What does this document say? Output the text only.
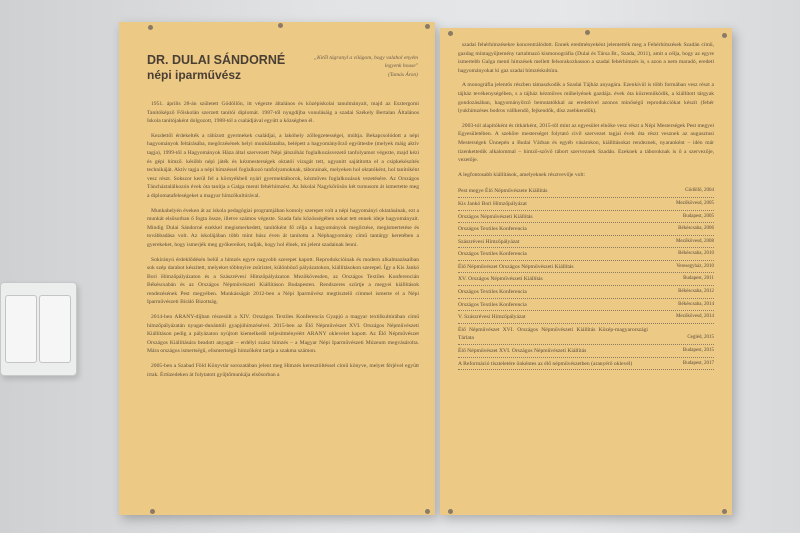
DR. DULAI SÁNDORNÉ
népi iparművész
„Kitől tágranyl a világom, hogy valahol enyém legyenk house"
(Tamás Áron)

1951. április 28-án született Gödöllőn, itt végezte általános és középiskolai tanulmányait, majd az Esztergomi Tanítóképző Főiskolán szerzett tanítói diplomát. 1987-től nyugdíjba vonulásáig a szadai Székely Bertalan Általános Iskola tanítójaként dolgozott, 1988-tól a családjával együtt a községben él.

Kezdettől érdekelték a rábízott gyermekek családjai, a lakóhely zöllegzetességei, múltja. Bekapcsolódott a népi hagyományok feltárásába, megőrzésének helyi munkálataiba, belépett a hagyományőrző együttesbe (melyek máig aktív tagja), 1999-től a Hagyományok Háza által szervezett Népi játszóház foglalkozásvezető tanfolyamot végezte, majd kézi és gépi hímző. később népi játék és kézmesterségek oktatói vizsgát tett, ugyanitt sajátította el a csipkekészítés technikáját. Aktív tagja a népi hímzéssel foglalkozó tanfolyamoknak, táborainak, melyeken hol oktatóként, hol tanítóként vesz részt. Sokszor kerül fel a környékbeli nyári gyermektáborok, kézműves foglalkozások vezetésére. Az Országos Táncháztalálkozón évek óta tanítja a Galga menti fehérhímzést. Az Iskolai Nagykőrösön két turnusom át ismertette meg a diplomatafeleségeket a magyar hímzőkultúrával.

Munkahelyén éveken át az iskola pedagógiai programjában komoly szerepet volt a népi hagyományi oktatásának, ezt a munkát elsősorban ő fogta össze, illetve számos végezte. Szada falu közösségében sokat tett ennek ideje hagyományait. Mindig Dulai Sándorné ezekkel megismerkedett, tanítóként fő célja a hagyományok megőrzése, megismertetése és továbbadása volt. Az iskolájában több mint húsz éven át tanította a Néphagyomány című tantárgy keretében a gyerekeket, hogy ismerjék meg gyökereiket, tudják, hogy hol élnek, mi jelent szadainak lenni.

Sokirányú érdeklődésén belül a hímzés egyre nagyobb szerepet kapott. Reprodukcióinak és modern alkalmazásaiban sok szép darabot készített, melyeket többnyire zsűriztet, különböző pályázatokon, kiállításokon szerepel. Így a Kis Jankó Bori Hímzőpályázaton és a Szászrévesi Hímzőpályázaton Mezőkövesden, az Országos Textiles Konferencián Békéscsabán és az Országos Népművészeti Kiállításon Budapesten. Rendszeres szűrtje a megyei kiállítások rendezésének Pest megyében. Munkásságát 2012-ben a Népi Iparművész megtisztelő címmel ismerte el a Népi Iparművészeti Bíráló Bizottság.

2014-ben ARANY-díjban részesült a XIV. Országos Textiles Konferencia Gyapjú a magyar textilkultúrában című hímzőpályázatán nyugat-dunántúli gyapjúhímzésével. 2015-ben az Élő Népművészet XVI. Országos Népművészeti Kiállításon pedig a pályázaton nyújtott kiemelkedő teljesítményéért ARANY oklevelet kapott. Az Élő Népművészet Országos Kiállítására beadott anyagát – erdélyi szász hímzés – a Magyar Népi Iparművészeti Múzeum megvásárolta. Mára országos ismertségű, elismertségű hímzőként tartja a szakma számon.

2005-ben a Szabad Föld Könyvtár sorozatában jelent meg Hímzés keresztöltéssel című könyve, melyet férjével együtt írtak. Értüzedeken át folytatott gyűjtőmunkája elsősorban a

szadai fehérhímzésekre koncentrálódott. Ennek eredményeként jelentették meg a Fehérhímzések Szadán című, gazdag mintagyűjtemény tartalmazó kismonográfia (Dulai és Társa Bt., Szada, 2011), amit a célja, hogy az egyre ismertebb Galga menti hímzések mellett felsorakozhasson a szadai fehérhímzés is, s azon a nem maradó, eredeti hagyományokat ki gaz szadai hímzéskultúra.

A monográfia jelentős részben támaszkodik a Szadai Tájház anyagára. Ezenkívül is több formában vesz részt a tájház tevékenységében, s a tájház kézműves műhelyének gazdája. évek óta közreműködik, a kiállított tárgyak gondozásában, hagyományőrző bemutatókkal az eredetivel azonos minőségű reprodukciókat készít (fehér lyukhímzéses bodros vállkendő, fejkendők, dísz zsebkendők).

2003-tól alapítóként és titkárként, 2015-től mint az egyesület elnöke vesz részt a Népi Mesterségek Pest megyei Egyesületében. A szekőre mesterséget folytató civil szervezet tagjai évek óta részt vesznek az augusztusi Mesterségek Ünnepén a Budai Várban és egyéb vásárokon, kiállításokat rendeznek, nyaranként – idén már tizenkettedik alkalommal – hímző-szövő tábort szerveznek Szadán. Ezeknek a táboroknak is ő a szervezője, vezetője.

A legfontosabb kiállítások, amelyeknek résztvevője volt:
Pest megye Élő Népművészete Kiállítás	Gödöllő, 2004
Kis Jankó Bori Hímzőpályázat	Mezőkövesd, 2005
Országos Népművészeti Kiállítás	Budapest, 2005
Országos Textiles Konferencia	Békéscsaba, 2006
Szászrévesi Hímzőpályázat	Mezőkövesd, 2008
Országos Textiles Konferencia	Békéscsaba, 2010
Élő Népművészet Országos Népművészeti Kiállítás	Veresegyház, 2010
XV. Országos Népművészeti Kiállítás	Budapest, 2011
Országos Textiles Konferencia	Békéscsaba, 2012
Országos Textiles Konferencia	Békéscsaba, 2014
V. Szászrévesi Hímzőpályázat	Mezőkövesd, 2014
Élő Népművészet XVI. Országos Népművészeti Kiállítás Közép-magyarországi Tárlata	Cegléd, 2015
Élő Népművészet XVI. Országos Népművészeti Kiállítás	Budapest, 2015
A Reformáció tiszteletére önkéntes az élő népművészetben (aranyérő oklevél)	Budapest, 2017
